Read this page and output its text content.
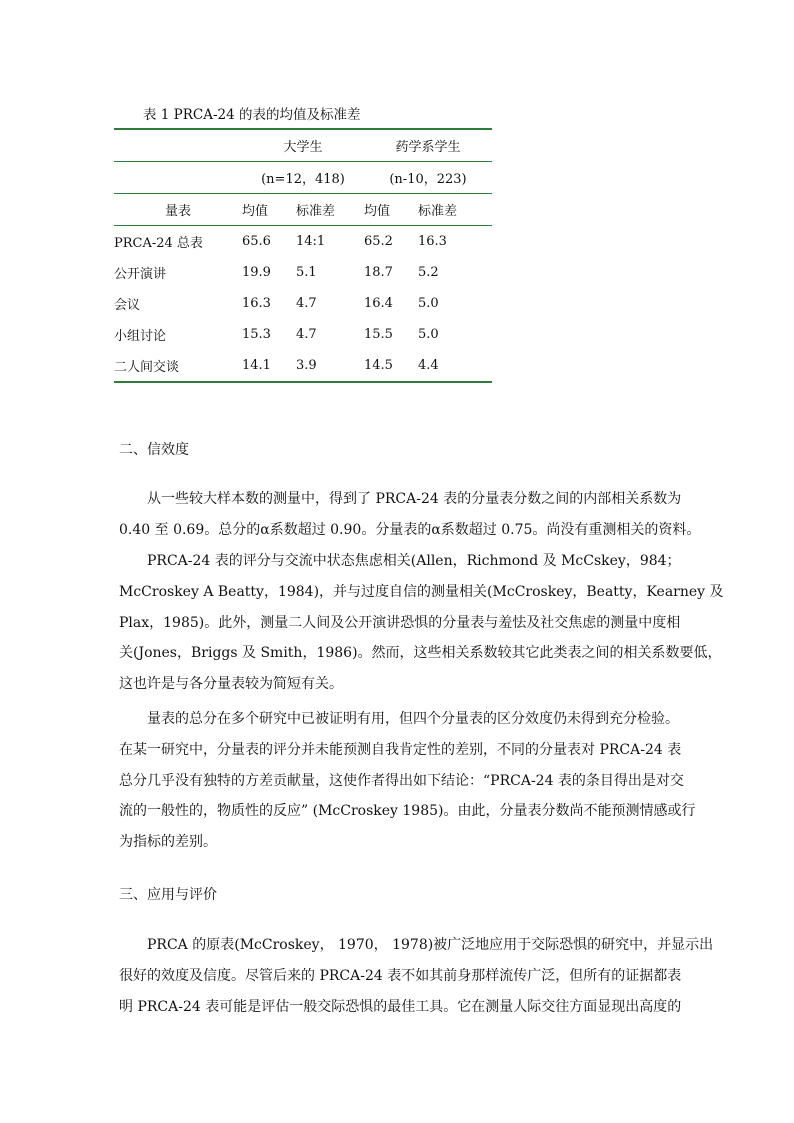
表 1 PRCA-24 的表的均值及标准差
	大学生		药学系学生	
	(n=12，418)		(n-10，223)	
量表	均值	标准差	均值	标准差
PRCA-24 总表	65.6	14:1	65.2	16.3
公开演讲	19.9	5.1	18.7	5.2
会议	16.3	4.7	16.4	5.0
小组讨论	15.3	4.7	15.5	5.0
二人间交谈	14.1	3.9	14.5	4.4
二、信效度

从一些较大样本数的测量中，得到了 PRCA-24 表的分量表分数之间的内部相关系数为
0.40 至 0.69。总分的α系数超过 0.90。分量表的α系数超过 0.75。尚没有重测相关的资料。

PRCA-24 表的评分与交流中状态焦虑相关(Allen，Richmond 及 McCskey，984；
McCroskey A Beatty，1984)，并与过度自信的测量相关(McCroskey，Beatty，Kearney 及
Plax，1985)。此外，测量二人间及公开演讲恐惧的分量表与羞怯及社交焦虑的测量中度相
关(Jones，Briggs 及 Smith，1986)。然而，这些相关系数较其它此类表之间的相关系数要低，
这也许是与各分量表较为简短有关。

量表的总分在多个研究中已被证明有用，但四个分量表的区分效度仍未得到充分检验。
在某一研究中，分量表的评分并未能预测自我肯定性的差别，不同的分量表对 PRCA-24 表
总分几乎没有独特的方差贡献量，这使作者得出如下结论：“PRCA-24 表的条目得出是对交
流的一般性的，物质性的反应” (McCroskey 1985)。由此，分量表分数尚不能预测情感或行
为指标的差别。

三、应用与评价

PRCA 的原表(McCroskey， 1970， 1978)被广泛地应用于交际恐惧的研究中，并显示出
很好的效度及信度。尽管后来的 PRCA-24 表不如其前身那样流传广泛，但所有的证据都表
明 PRCA-24 表可能是评估一般交际恐惧的最佳工具。它在测量人际交往方面显现出高度的
